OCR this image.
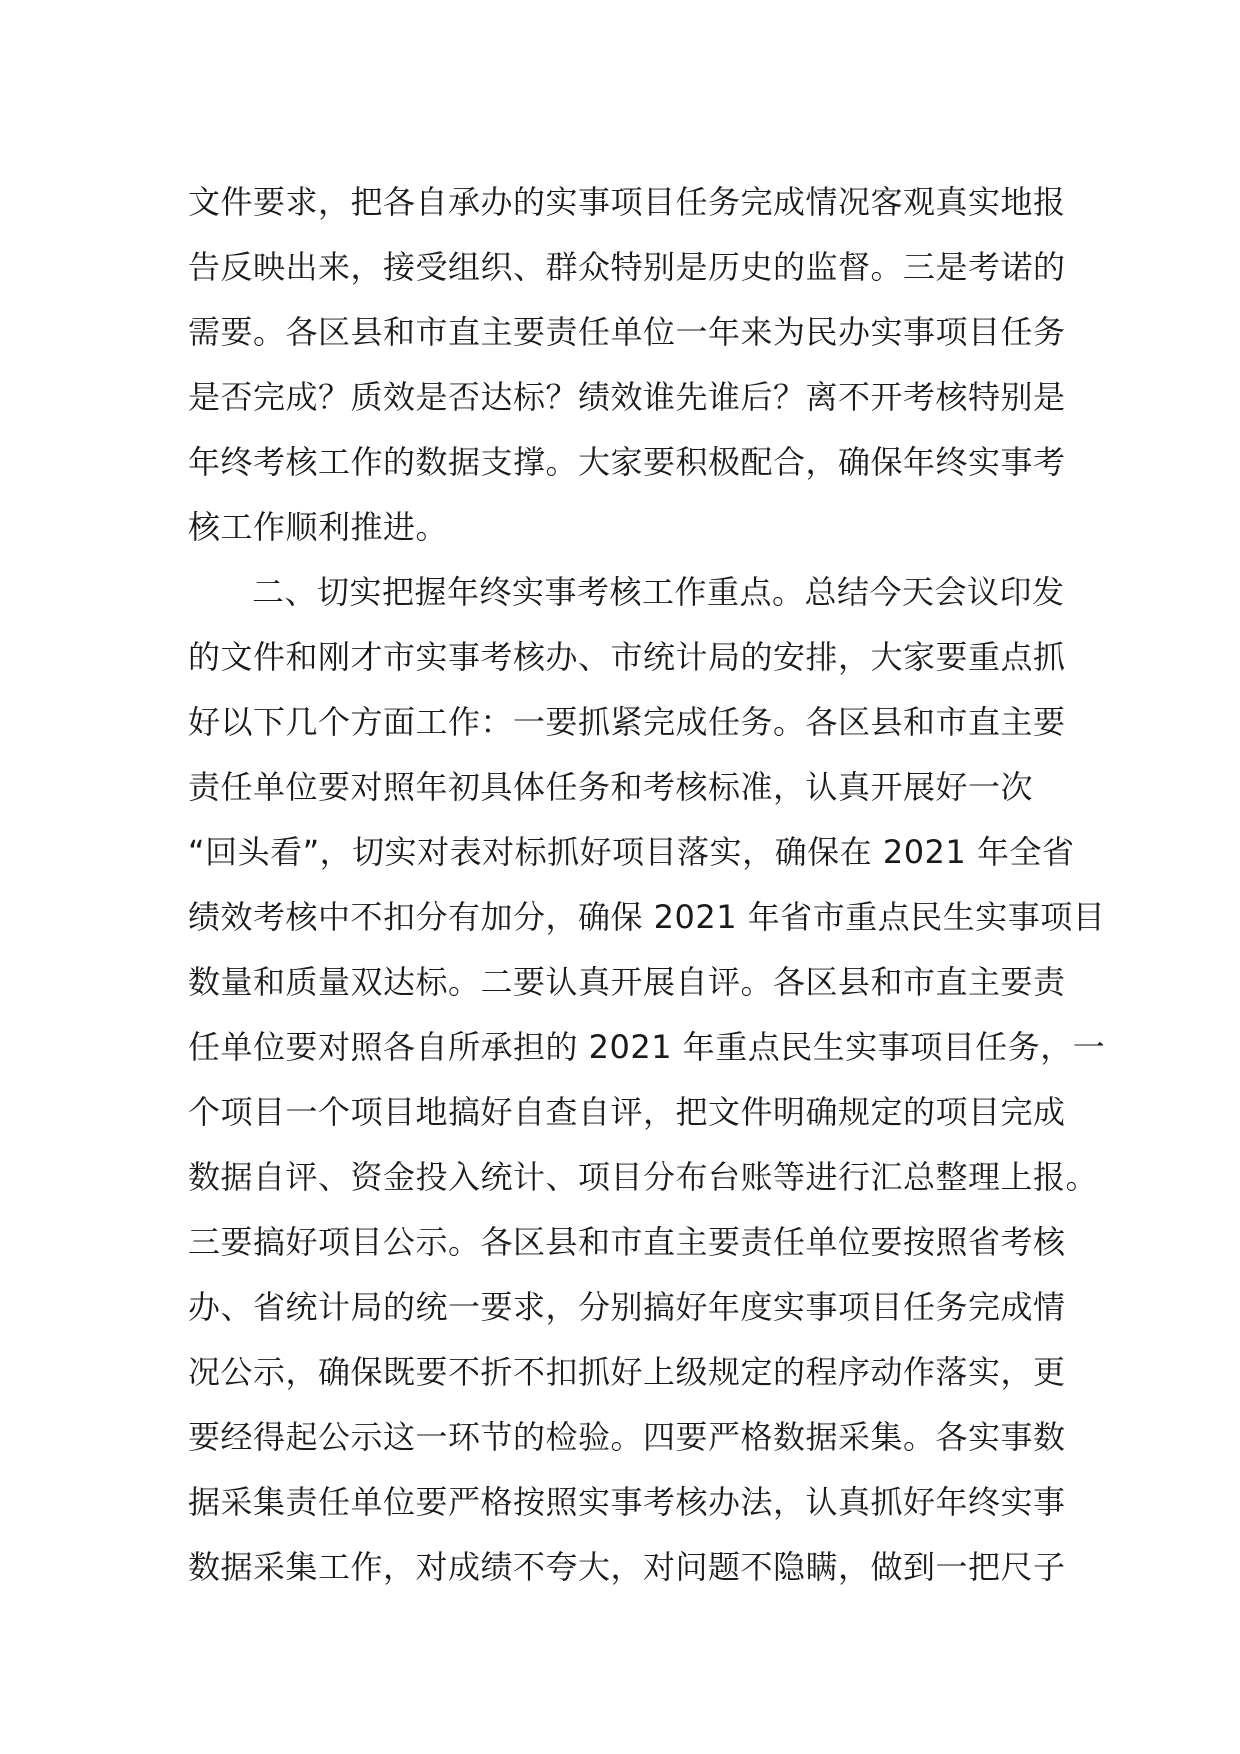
文件要求，把各自承办的实事项目任务完成情况客观真实地报
告反映出来，接受组织、群众特别是历史的监督。三是考诺的
需要。各区县和市直主要责任单位一年来为民办实事项目任务
是否完成？质效是否达标？绩效谁先谁后？离不开考核特别是
年终考核工作的数据支撑。大家要积极配合，确保年终实事考
核工作顺利推进。
二、切实把握年终实事考核工作重点。总结今天会议印发
的文件和刚才市实事考核办、市统计局的安排，大家要重点抓
好以下几个方面工作：一要抓紧完成任务。各区县和市直主要
责任单位要对照年初具体任务和考核标准，认真开展好一次
“回头看”，切实对表对标抓好项目落实，确保在 2021 年全省
绩效考核中不扣分有加分，确保 2021 年省市重点民生实事项目
数量和质量双达标。二要认真开展自评。各区县和市直主要责
任单位要对照各自所承担的 2021 年重点民生实事项目任务，一
个项目一个项目地搞好自查自评，把文件明确规定的项目完成
数据自评、资金投入统计、项目分布台账等进行汇总整理上报。
三要搞好项目公示。各区县和市直主要责任单位要按照省考核
办、省统计局的统一要求，分别搞好年度实事项目任务完成情
况公示，确保既要不折不扣抓好上级规定的程序动作落实，更
要经得起公示这一环节的检验。四要严格数据采集。各实事数
据采集责任单位要严格按照实事考核办法，认真抓好年终实事
数据采集工作，对成绩不夸大，对问题不隐瞒，做到一把尺子
